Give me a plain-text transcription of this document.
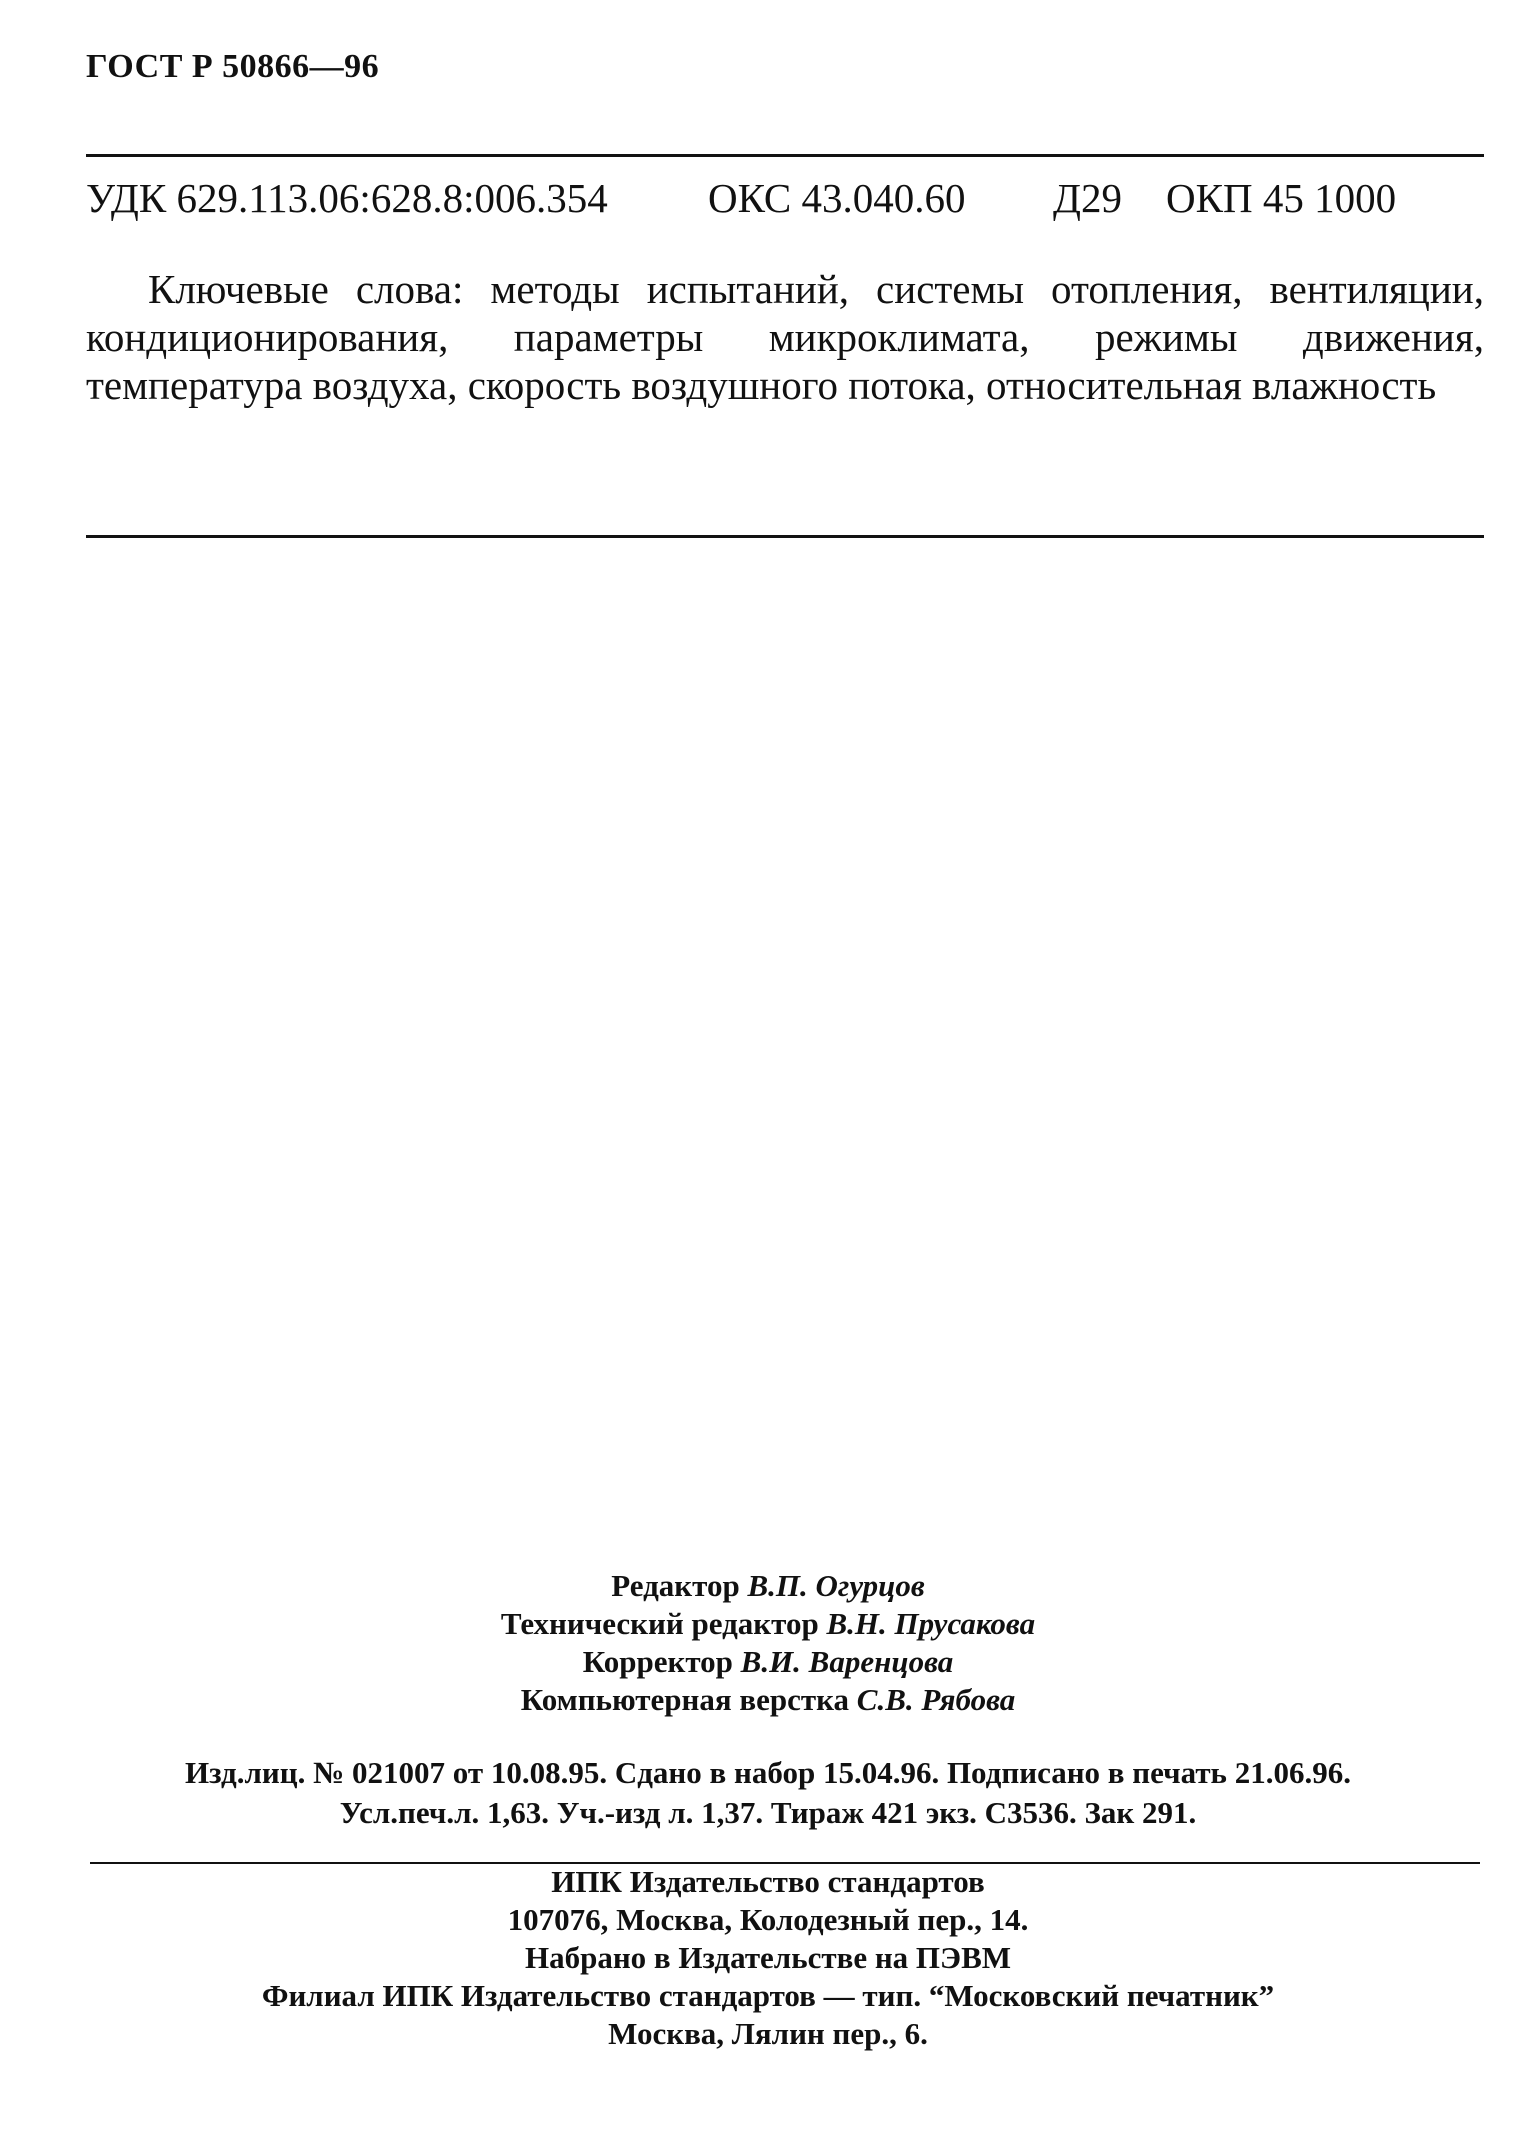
ГОСТ Р 50866—96
УДК 629.113.06:628.8:006.354 ОКС 43.040.60 Д29 ОКП 45 1000
Ключевые слова: методы испытаний, системы отопления, вентиляции, кондиционирования, параметры микроклимата, режимы движения, температура воздуха, скорость воздушного потока, относительная влажность
Редактор В.П. Огурцов
Технический редактор В.Н. Прусакова
Корректор В.И. Варенцова
Компьютерная верстка С.В. Рябова
Изд.лиц. № 021007 от 10.08.95. Сдано в набор 15.04.96. Подписано в печать 21.06.96.
Усл.печ.л. 1,63. Уч.-изд л. 1,37. Тираж 421 экз. С3536. Зак 291.
ИПК Издательство стандартов
107076, Москва, Колодезный пер., 14.
Набрано в Издательстве на ПЭВМ
Филиал ИПК Издательство стандартов — тип. “Московский печатник”
Москва, Лялин пер., 6.
